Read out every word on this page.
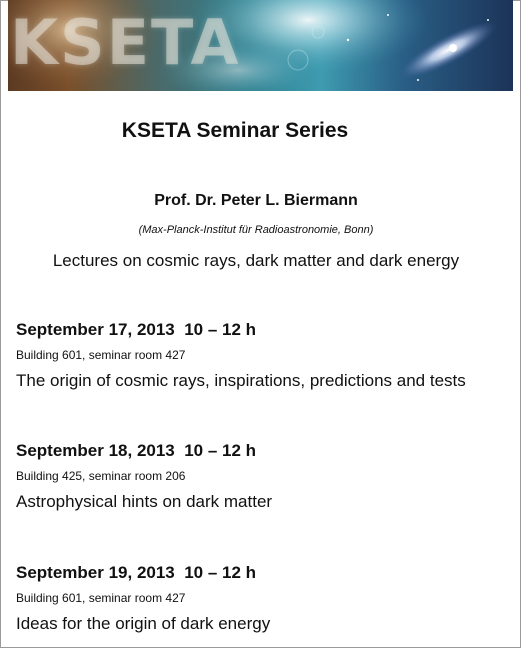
KSETA
KSETA Seminar Series
Prof. Dr. Peter L. Biermann
(Max-Planck-Institut für Radioastronomie, Bonn)
Lectures on cosmic rays, dark matter and dark energy
September 17, 2013  10 – 12 h
Building 601, seminar room 427
The origin of cosmic rays, inspirations, predictions and tests
September 18, 2013  10 – 12 h
Building 425, seminar room 206
Astrophysical hints on dark matter
September 19, 2013  10 – 12 h
Building 601, seminar room 427
Ideas for the origin of dark energy
